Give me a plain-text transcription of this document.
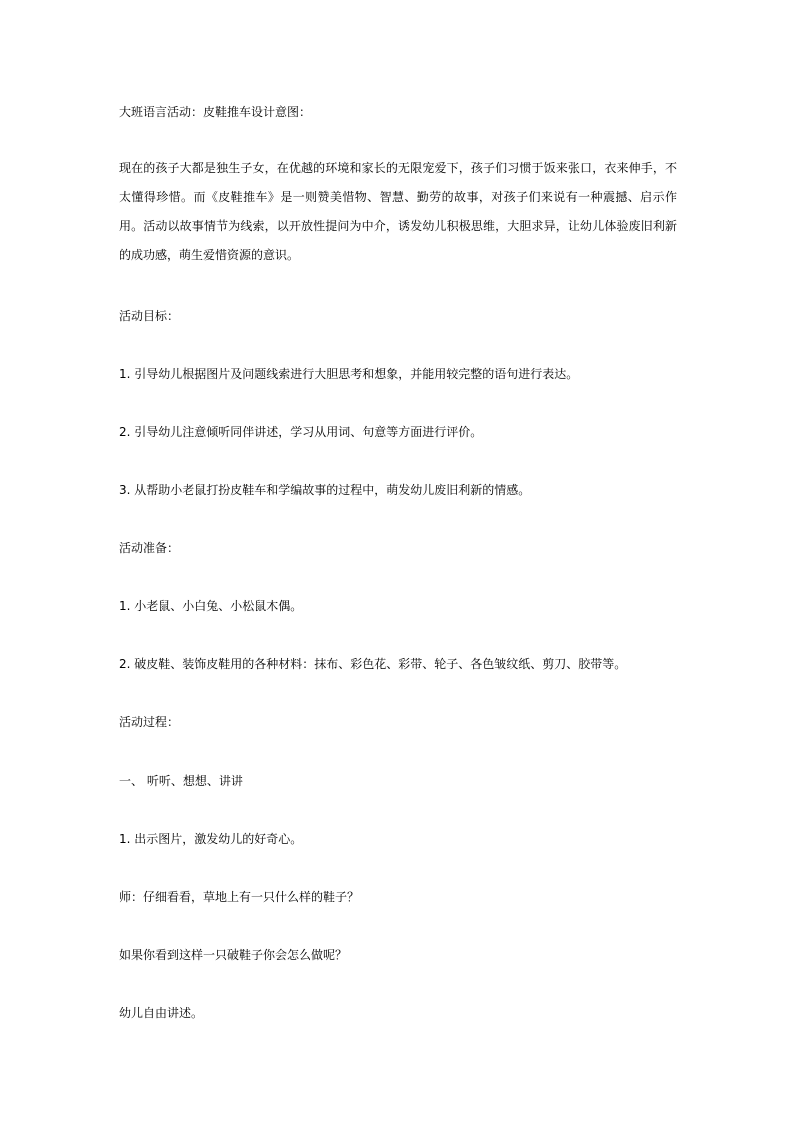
大班语言活动：皮鞋推车设计意图：
现在的孩子大都是独生子女，在优越的环境和家长的无限宠爱下，孩子们习惯于饭来张口，衣来伸手，不太懂得珍惜。而《皮鞋推车》是一则赞美惜物、智慧、勤劳的故事，对孩子们来说有一种震撼、启示作用。活动以故事情节为线索，以开放性提问为中介，诱发幼儿积极思维，大胆求异，让幼儿体验废旧利新的成功感，萌生爱惜资源的意识。
活动目标：
1. 引导幼儿根据图片及问题线索进行大胆思考和想象，并能用较完整的语句进行表达。
2. 引导幼儿注意倾听同伴讲述，学习从用词、句意等方面进行评价。
3. 从帮助小老鼠打扮皮鞋车和学编故事的过程中，萌发幼儿废旧利新的情感。
活动准备：
1. 小老鼠、小白兔、小松鼠木偶。
2. 破皮鞋、装饰皮鞋用的各种材料：抹布、彩色花、彩带、轮子、各色皱纹纸、剪刀、胶带等。
活动过程：
一、 听听、想想、讲讲
1. 出示图片，激发幼儿的好奇心。
师：仔细看看，草地上有一只什么样的鞋子？
如果你看到这样一只破鞋子你会怎么做呢？
幼儿自由讲述。
